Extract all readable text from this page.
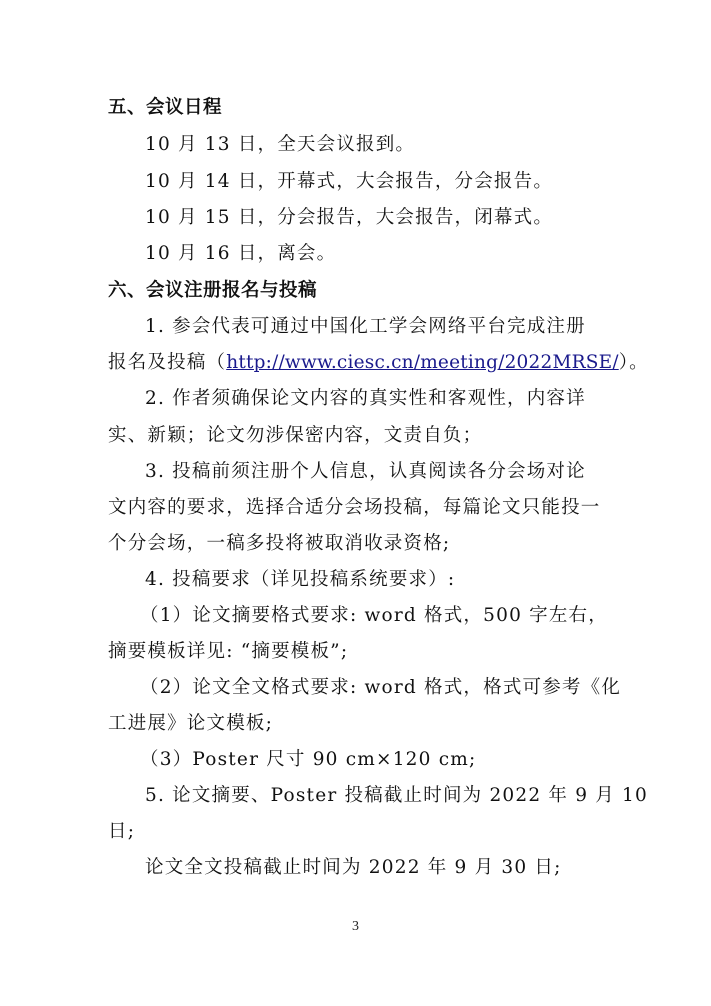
五、会议日程
10 月 13 日，全天会议报到。
10 月 14 日，开幕式，大会报告，分会报告。
10 月 15 日，分会报告，大会报告，闭幕式。
10 月 16 日，离会。
六、会议注册报名与投稿
1. 参会代表可通过中国化工学会网络平台完成注册
报名及投稿（http://www.ciesc.cn/meeting/2022MRSE/）。
2. 作者须确保论文内容的真实性和客观性，内容详
实、新颖；论文勿涉保密内容，文责自负；
3. 投稿前须注册个人信息，认真阅读各分会场对论
文内容的要求，选择合适分会场投稿，每篇论文只能投一
个分会场，一稿多投将被取消收录资格;
4. 投稿要求（详见投稿系统要求）:
（1）论文摘要格式要求: word 格式，500 字左右，
摘要模板详见: “摘要模板”;
（2）论文全文格式要求: word 格式，格式可参考《化
工进展》论文模板;
（3）Poster 尺寸 90 cm×120 cm;
5. 论文摘要、Poster 投稿截止时间为 2022 年 9 月 10
日;
论文全文投稿截止时间为 2022 年 9 月 30 日;
3
